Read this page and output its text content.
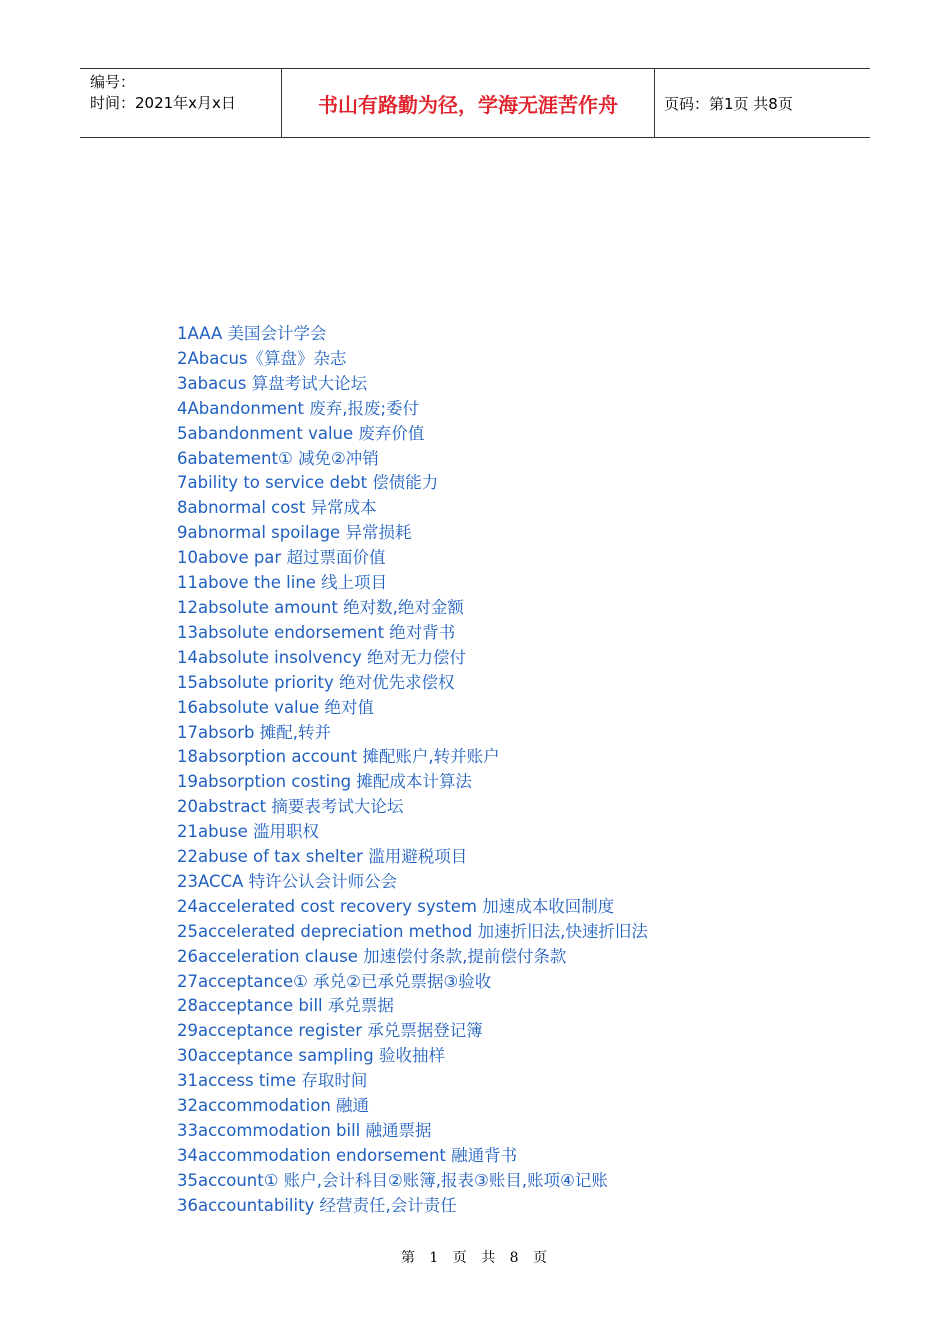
编号：
时间：2021年x月x日	书山有路勤为径，学海无涯苦作舟	页码：第1页 共8页
1AAA 美国会计学会
2Abacus《算盘》杂志
3abacus 算盘考试大论坛
4Abandonment 废弃,报废;委付
5abandonment value 废弃价值
6abatement① 减免②冲销
7ability to service debt 偿债能力
8abnormal cost 异常成本
9abnormal spoilage 异常损耗
10above par 超过票面价值
11above the line 线上项目
12absolute amount 绝对数,绝对金额
13absolute endorsement 绝对背书
14absolute insolvency 绝对无力偿付
15absolute priority 绝对优先求偿权
16absolute value 绝对值
17absorb 摊配,转并
18absorption account 摊配账户,转并账户
19absorption costing 摊配成本计算法
20abstract 摘要表考试大论坛
21abuse 滥用职权
22abuse of tax shelter 滥用避税项目
23ACCA 特许公认会计师公会
24accelerated cost recovery system 加速成本收回制度
25accelerated depreciation method 加速折旧法,快速折旧法
26acceleration clause 加速偿付条款,提前偿付条款
27acceptance① 承兑②已承兑票据③验收
28acceptance bill 承兑票据
29acceptance register 承兑票据登记簿
30acceptance sampling 验收抽样
31access time 存取时间
32accommodation 融通
33accommodation bill 融通票据
34accommodation endorsement 融通背书
35account① 账户,会计科目②账簿,报表③账目,账项④记账
36accountability 经营责任,会计责任
第 1 页 共 8 页
